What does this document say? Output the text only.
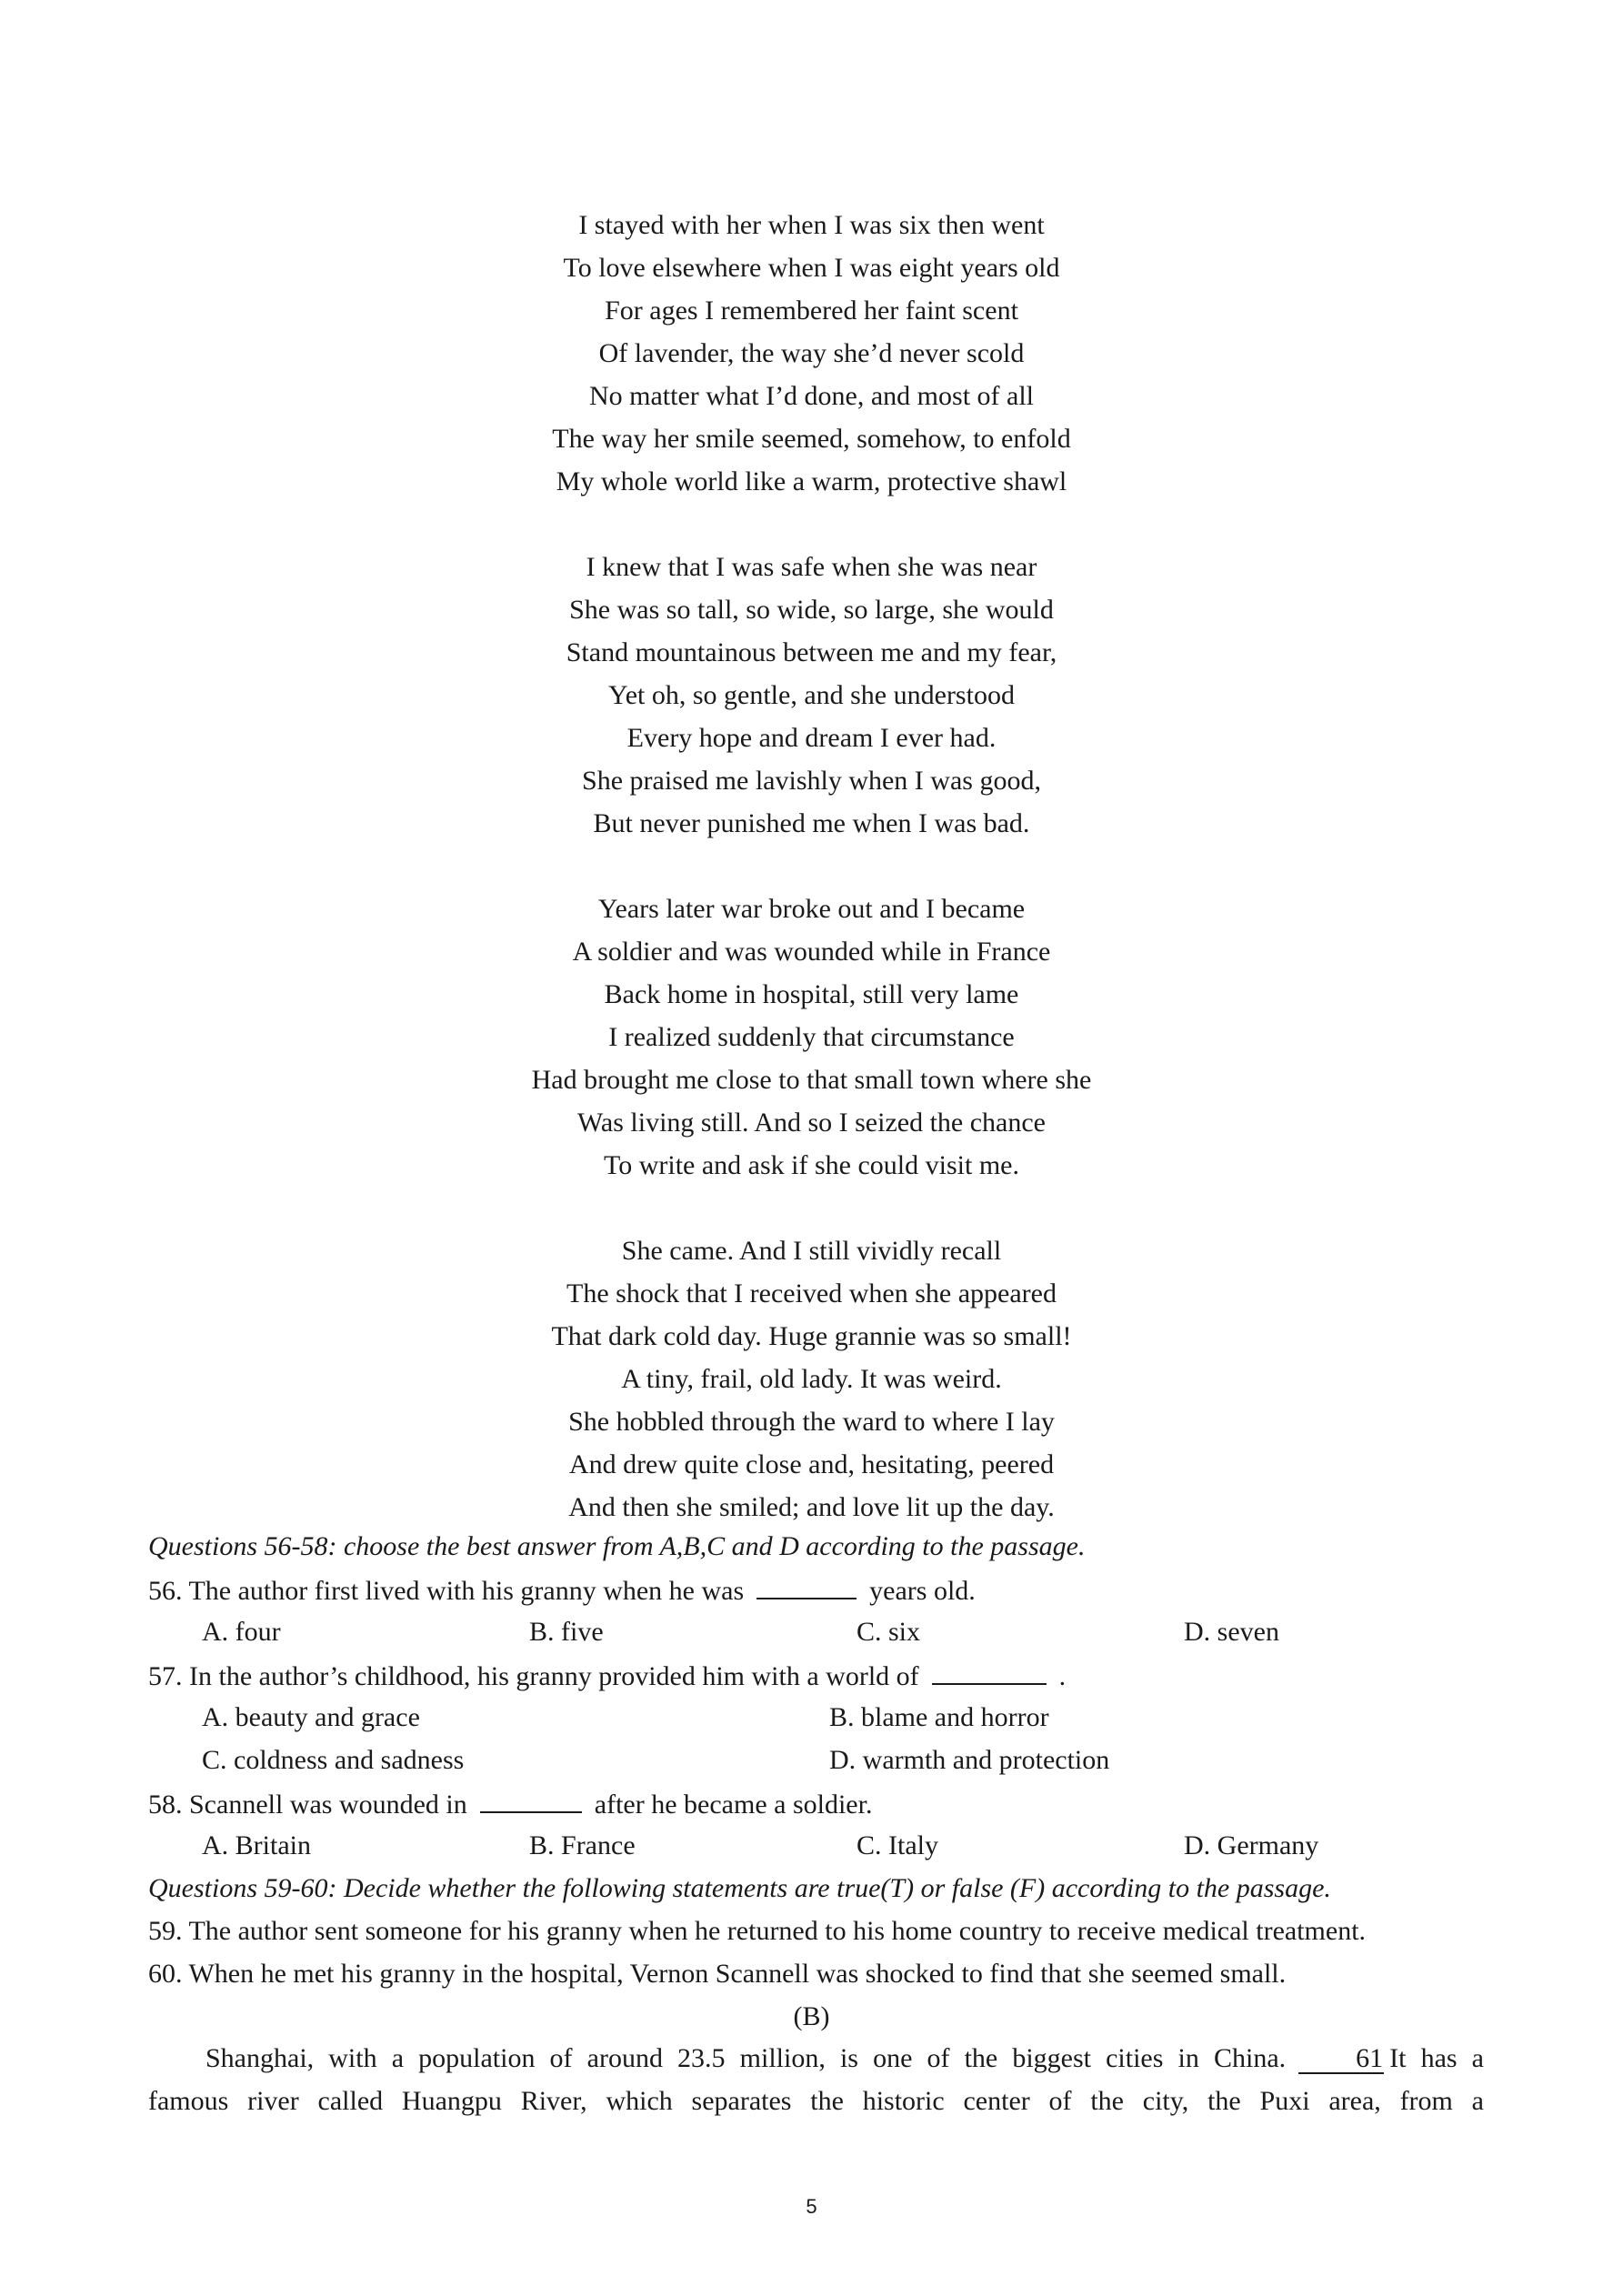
I stayed with her when I was six then went
To love elsewhere when I was eight years old
For ages I remembered her faint scent
Of lavender, the way she’d never scold
No matter what I’d done, and most of all
The way her smile seemed, somehow, to enfold
My whole world like a warm, protective shawl
I knew that I was safe when she was near
She was so tall, so wide, so large, she would
Stand mountainous between me and my fear,
Yet oh, so gentle, and she understood
Every hope and dream I ever had.
She praised me lavishly when I was good,
But never punished me when I was bad.
Years later war broke out and I became
A soldier and was wounded while in France
Back home in hospital, still very lame
I realized suddenly that circumstance
Had brought me close to that small town where she
Was living still. And so I seized the chance
To write and ask if she could visit me.
She came. And I still vividly recall
The shock that I received when she appeared
That dark cold day. Huge grannie was so small!
A tiny, frail, old lady. It was weird.
She hobbled through the ward to where I lay
And drew quite close and, hesitating, peered
And then she smiled; and love lit up the day.
Questions 56-58: choose the best answer from A,B,C and D according to the passage.
56. The author first lived with his granny when he was	years old.
A. four	B. five	C. six	D. seven
57. In the author’s childhood, his granny provided him with a world of	.
A. beauty and grace	B. blame and horror
C. coldness and sadness	D. warmth and protection
58. Scannell was wounded in	after he became a soldier.
A. Britain	B. France	C. Italy	D. Germany
Questions 59-60: Decide whether the following statements are true(T) or false (F) according to the passage.
59. The author sent someone for his granny when he returned to his home country to receive medical treatment.
60. When he met his granny in the hospital, Vernon Scannell was shocked to find that she seemed small.
(B)
Shanghai, with a population of around 23.5 million, is one of the biggest cities in China.	61 It has a
famous river called Huangpu River, which separates the historic center of the city, the Puxi area, from a
5
